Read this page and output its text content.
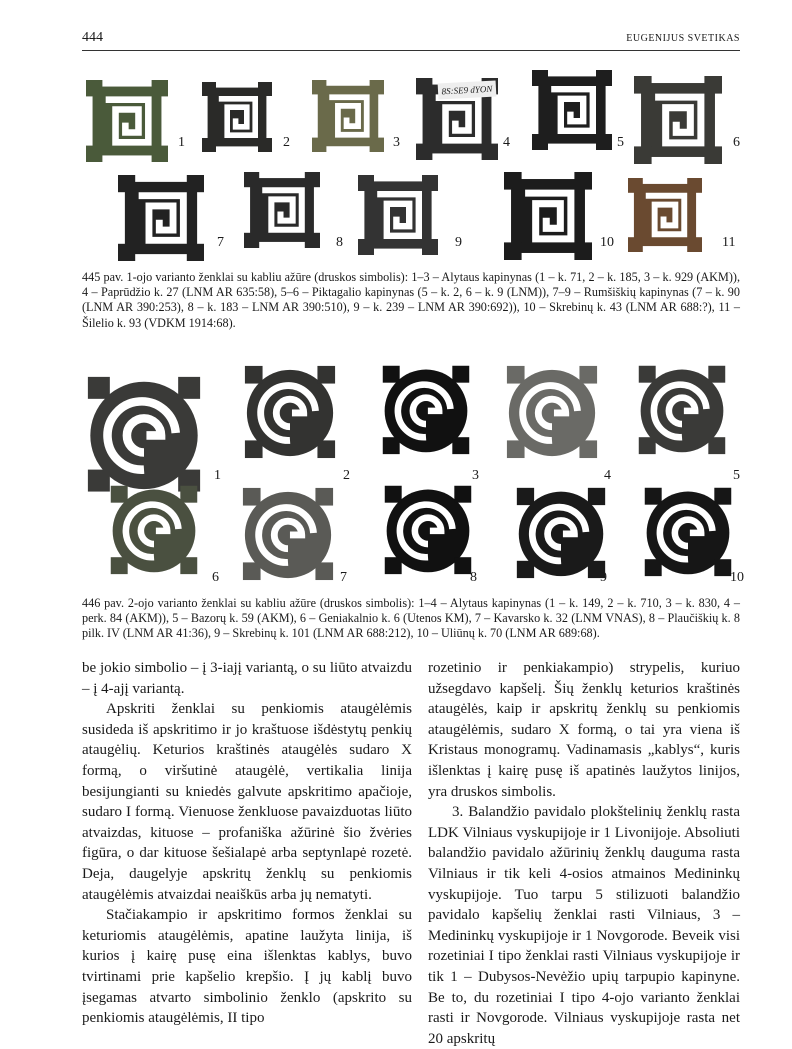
444	EUGENIJUS SVETIKAS
1	2	3	4	5	6
7	8	9	10	11
8S:SE9 dYON
445 pav. 1-ojo varianto ženklai su kabliu ažūre (druskos simbolis): 1–3 – Alytaus kapinynas (1 – k. 71, 2 – k. 185, 3 – k. 929 (AKM)), 4 – Paprūdžio k. 27 (LNM AR 635:58), 5–6 – Piktagalio kapinynas (5 – k. 2, 6 – k. 9 (LNM)), 7–9 – Rumšiškių kapinynas (7 – k. 90 (LNM AR 390:253), 8 – k. 183 – LNM AR 390:510), 9 – k. 239 – LNM AR 390:692)), 10 – Skrebinų k. 43 (LNM AR 688:?), 11 – Šilelio k. 93 (VDKM 1914:68).
1	2	3	4	5
6	7	8	9	10
446 pav. 2-ojo varianto ženklai su kabliu ažūre (druskos simbolis): 1–4 – Alytaus kapinynas (1 – k. 149, 2 – k. 710, 3 – k. 830, 4 – perk. 84 (AKM)), 5 – Bazorų k. 59 (AKM), 6 – Geniakalnio k. 6 (Utenos KM), 7 – Kavarsko k. 32 (LNM VNAS), 8 – Plaučiškių k. 8 pilk. IV (LNM AR 41:36), 9 – Skrebinų k. 101 (LNM AR 688:212), 10 – Uliūnų k. 70 (LNM AR 689:68).

be jokio simbolio – į 3-iajį variantą, o su liūto atvaizdu – į 4-ajį variantą.

Apskriti ženklai su penkiomis ataugėlėmis susideda iš apskritimo ir jo kraštuose išdėstytų penkių ataugėlių. Keturios kraštinės ataugėlės sudaro X formą, o viršutinė ataugėlė, vertikalia linija besijungianti su kniedės galvute apskritimo apačioje, sudaro I formą. Vienuose ženkluose pavaizduotas liūto atvaizdas, kituose – profaniška ažūrinė šio žvėries figūra, o dar kituose šešialapė arba septynlapė rozetė. Deja, daugelyje apskritų ženklų su penkiomis ataugėlėmis atvaizdai neaiškūs arba jų nematyti.

Stačiakampio ir apskritimo formos ženklai su keturiomis ataugėlėmis, apatine laužyta linija, iš kurios į kairę pusę eina išlenktas kablys, buvo tvirtinami prie kapšelio krepšio. Į jų kablį buvo įsegamas atvarto simbolinio ženklo (apskrito su penkiomis ataugėlėmis, II tipo

rozetinio ir penkiakampio) strypelis, kuriuo užsegdavo kapšelį. Šių ženklų keturios kraštinės ataugėlės, kaip ir apskritų ženklų su penkiomis ataugėlėmis, sudaro X formą, o tai yra viena iš Kristaus monogramų. Vadinamasis „kablys“, kuris išlenktas į kairę pusę iš apatinės laužytos linijos, yra druskos simbolis.

3. Balandžio pavidalo plokštelinių ženklų rasta LDK Vilniaus vyskupijoje ir 1 Livonijoje. Absoliuti balandžio pavidalo ažūrinių ženklų dauguma rasta Vilniaus ir tik keli 4-osios atmainos Medininkų vyskupijoje. Tuo tarpu 5 stilizuoti balandžio pavidalo kapšelių ženklai rasti Vilniaus, 3 – Medininkų vyskupijoje ir 1 Novgorode. Beveik visi rozetiniai I tipo ženklai rasti Vilniaus vyskupijoje ir tik 1 – Dubysos-Nevėžio upių tarpupio kapinyne. Be to, du rozetiniai I tipo 4-ojo varianto ženklai rasti ir Novgorode. Vilniaus vyskupijoje rasta net 20 apskritų
